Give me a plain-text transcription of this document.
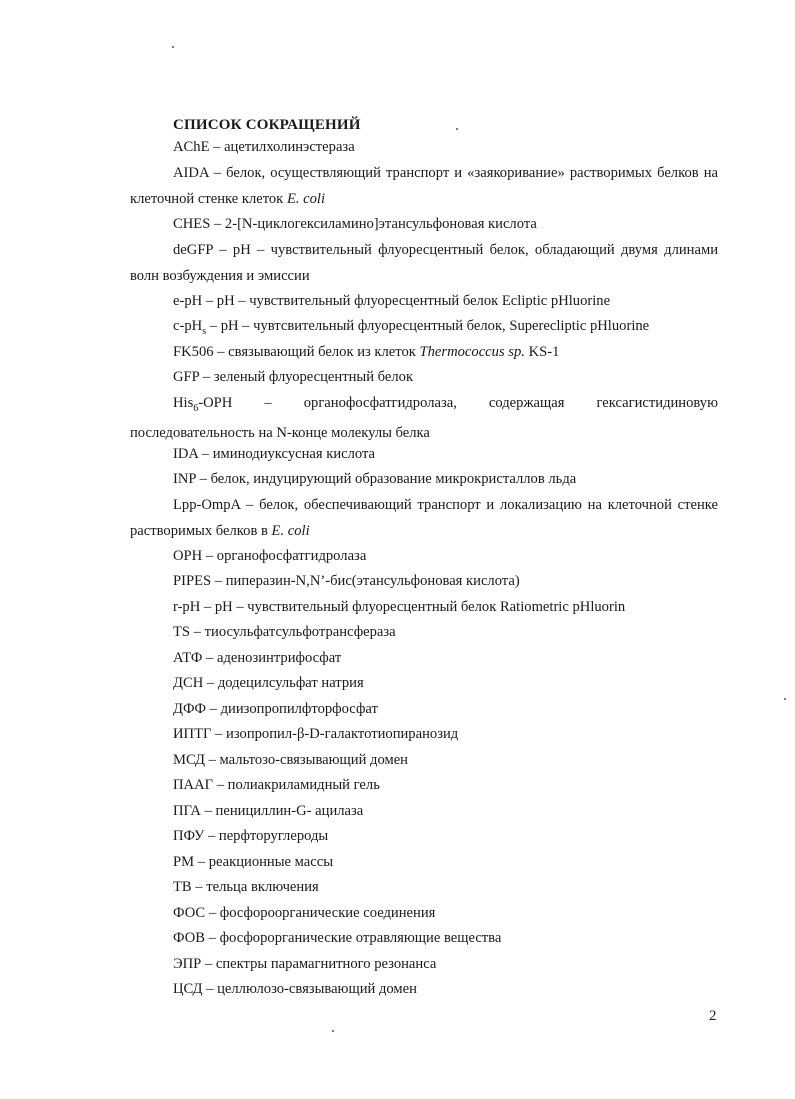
СПИСОК СОКРАЩЕНИЙ
AChE – ацетилхолинэстераза
AIDA – белок, осуществляющий транспорт и «заякоривание» растворимых белков на клеточной стенке клеток E. coli
CHES – 2-[N-циклогексиламино]этансульфоновая кислота
deGFP – pH – чувствительный флуоресцентный белок, обладающий двумя длинами волн возбуждения и эмиссии
e-pH – pH – чувствительный флуоресцентный белок Ecliptic pHluorine
$c-pH_s$ – pH – чувтсвительный флуоресцентный белок, Superecliptic pHluorine
FK506 – связывающий белок из клеток Thermococcus sp. KS-1
GFP – зеленый флуоресцентный белок
His$_6$-OPH – органофосфатгидролаза, содержащая гексагистидиновую последовательность на N-конце молекулы белка
IDA – иминодиуксусная кислота
INP – белок, индуцирующий образование микрокристаллов льда
Lpp-OmpA – белок, обеспечивающий транспорт и локализацию на клеточной стенке растворимых белков в E. coli
OPH – органофосфатгидролаза
PIPES – пиперазин-N,N’-бис(этансульфоновая кислота)
r-pH – pH – чувствительный флуоресцентный белок Ratiometric pHluorin
TS – тиосульфатсульфотрансфераза
АТФ – аденозинтрифосфат
ДСН – додецилсульфат натрия
ДФФ – диизопропилфторфосфат
ИПТГ – изопропил-β-D-галактотиопиранозид
МСД – мальтозо-связывающий домен
ПААГ – полиакриламидный гель
ПГА – пенициллин-G- ацилаза
ПФУ – перфторуглероды
РМ – реакционные массы
ТВ – тельца включения
ФОС – фосфороорганические соединения
ФОВ – фосфорорганические отравляющие вещества
ЭПР – спектры парамагнитного резонанса
ЦСД – целлюлозо-связывающий домен
2
